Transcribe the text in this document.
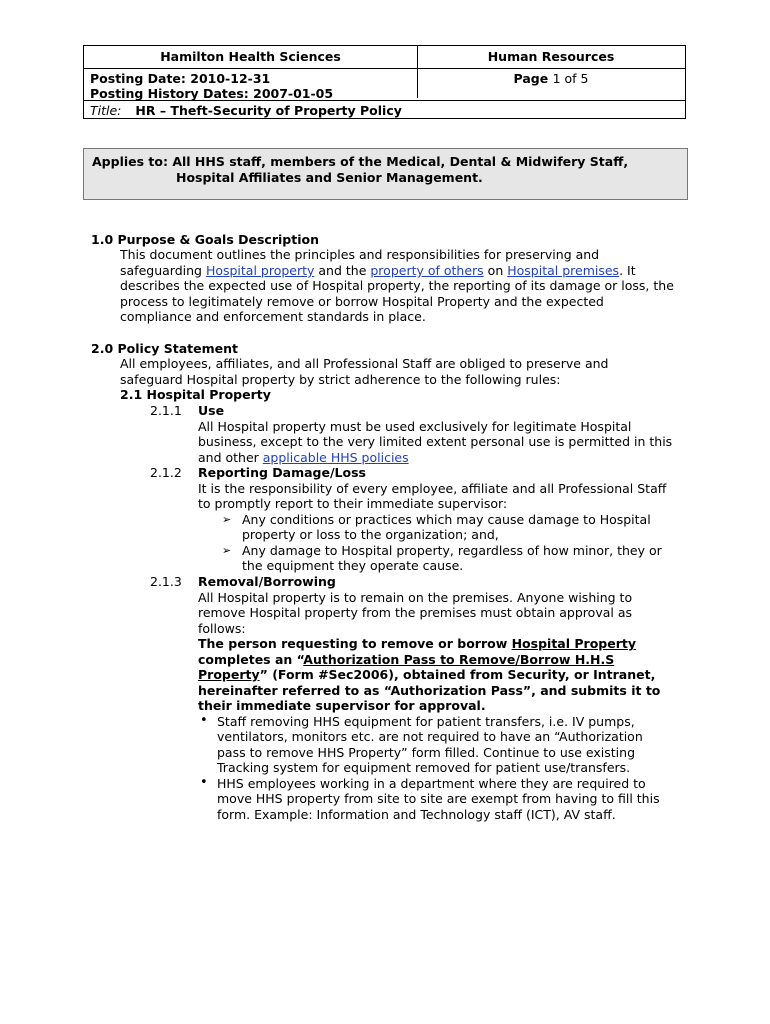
Hamilton Health Sciences	Human Resources
Posting Date: 2010-12-31
Posting History Dates: 2007-01-05
Page 1 of 5
Title: HR – Theft-Security of Property Policy
Applies to: All HHS staff, members of the Medical, Dental & Midwifery Staff,
Hospital Affiliates and Senior Management.
1.0 Purpose & Goals Description
This document outlines the principles and responsibilities for preserving and
safeguarding Hospital property and the property of others on Hospital premises. It
describes the expected use of Hospital property, the reporting of its damage or loss, the
process to legitimately remove or borrow Hospital Property and the expected
compliance and enforcement standards in place.
2.0 Policy Statement
All employees, affiliates, and all Professional Staff are obliged to preserve and
safeguard Hospital property by strict adherence to the following rules:
2.1 Hospital Property
2.1.1 Use
All Hospital property must be used exclusively for legitimate Hospital
business, except to the very limited extent personal use is permitted in this
and other applicable HHS policies
2.1.2 Reporting Damage/Loss
It is the responsibility of every employee, affiliate and all Professional Staff
to promptly report to their immediate supervisor:
➢ Any conditions or practices which may cause damage to Hospital
property or loss to the organization; and,
➢ Any damage to Hospital property, regardless of how minor, they or
the equipment they operate cause.
2.1.3 Removal/Borrowing
All Hospital property is to remain on the premises. Anyone wishing to
remove Hospital property from the premises must obtain approval as
follows:
The person requesting to remove or borrow Hospital Property
completes an “Authorization Pass to Remove/Borrow H.H.S
Property” (Form #Sec2006), obtained from Security, or Intranet,
hereinafter referred to as “Authorization Pass”, and submits it to
their immediate supervisor for approval.
• Staff removing HHS equipment for patient transfers, i.e. IV pumps,
ventilators, monitors etc. are not required to have an “Authorization
pass to remove HHS Property” form filled. Continue to use existing
Tracking system for equipment removed for patient use/transfers.
• HHS employees working in a department where they are required to
move HHS property from site to site are exempt from having to fill this
form. Example: Information and Technology staff (ICT), AV staff.
